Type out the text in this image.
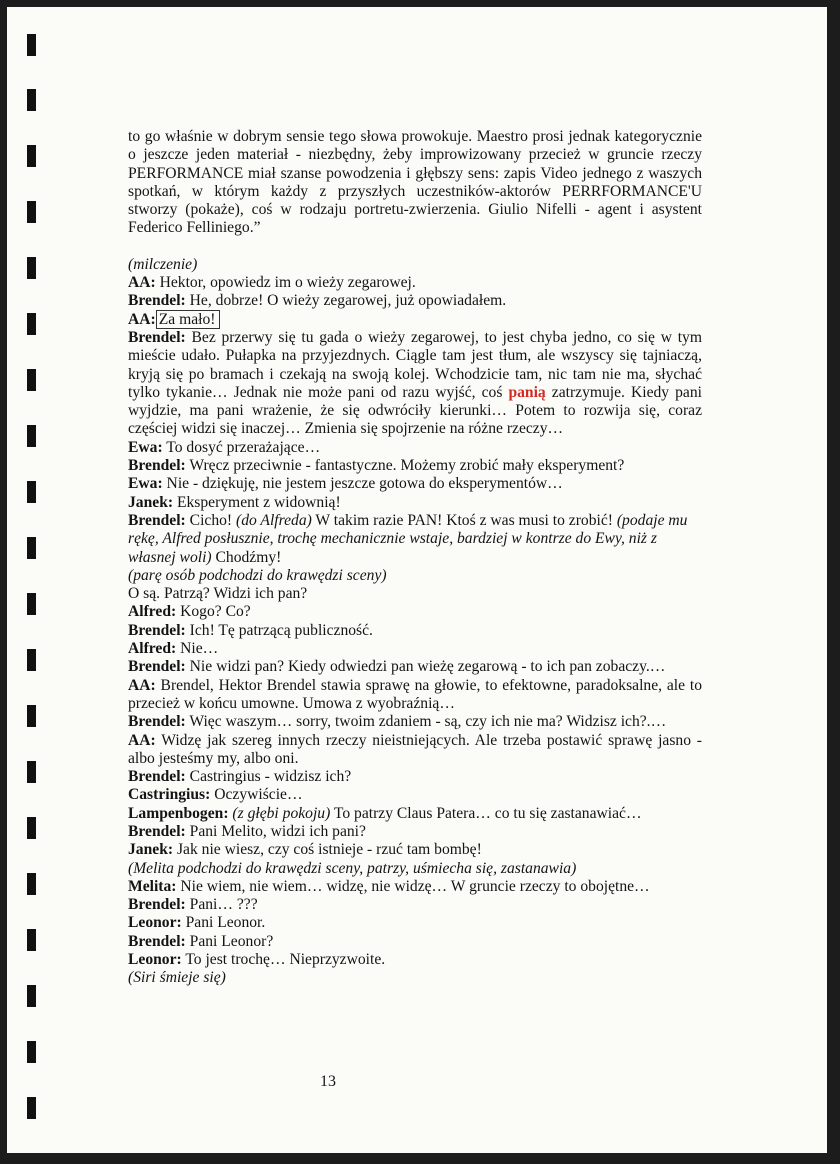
to go właśnie w dobrym sensie tego słowa prowokuje. Maestro prosi jednak kategorycznie o jeszcze jeden materiał - niezbędny, żeby improwizowany przecież w gruncie rzeczy PERFORMANCE miał szanse powodzenia i głębszy sens: zapis Video jednego z waszych spotkań, w którym każdy z przyszłych uczestników-aktorów PERRFORMANCE'U stworzy (pokaże), coś w rodzaju portretu-zwierzenia. Giulio Nifelli - agent i asystent Federico Felliniego.”
(milczenie)
AA: Hektor, opowiedz im o wieży zegarowej.
Brendel: He, dobrze! O wieży zegarowej, już opowiadałem.
AA: Za mało!
Brendel: Bez przerwy się tu gada o wieży zegarowej, to jest chyba jedno, co się w tym mieście udało. Pułapka na przyjezdnych. Ciągle tam jest tłum, ale wszyscy się tajniaczą, kryją się po bramach i czekają na swoją kolej. Wchodzicie tam, nic tam nie ma, słychać tylko tykanie… Jednak nie może pani od razu wyjść, coś panią zatrzymuje. Kiedy pani wyjdzie, ma pani wrażenie, że się odwróciły kierunki… Potem to rozwija się, coraz częściej widzi się inaczej… Zmienia się spojrzenie na różne rzeczy…
Ewa: To dosyć przerażające…
Brendel: Wręcz przeciwnie - fantastyczne. Możemy zrobić mały eksperyment?
Ewa: Nie - dziękuję, nie jestem jeszcze gotowa do eksperymentów…
Janek: Eksperyment z widownią!
Brendel: Cicho! (do Alfreda) W takim razie PAN! Ktoś z was musi to zrobić! (podaje mu rękę, Alfred posłusznie, trochę mechanicznie wstaje, bardziej w kontrze do Ewy, niż z własnej woli) Chodźmy!
(parę osób podchodzi do krawędzi sceny)
O są. Patrzą? Widzi ich pan?
Alfred: Kogo? Co?
Brendel: Ich! Tę patrzącą publiczność.
Alfred: Nie…
Brendel: Nie widzi pan? Kiedy odwiedzi pan wieżę zegarową - to ich pan zobaczy.…
AA: Brendel, Hektor Brendel stawia sprawę na głowie, to efektowne, paradoksalne, ale to przecież w końcu umowne. Umowa z wyobraźnią…
Brendel: Więc waszym… sorry, twoim zdaniem - są, czy ich nie ma? Widzisz ich?.…
AA: Widzę jak szereg innych rzeczy nieistniejących. Ale trzeba postawić sprawę jasno - albo jesteśmy my, albo oni.
Brendel: Castringius - widzisz ich?
Castringius: Oczywiście…
Lampenbogen: (z głębi pokoju) To patrzy Claus Patera… co tu się zastanawiać…
Brendel: Pani Melito, widzi ich pani?
Janek: Jak nie wiesz, czy coś istnieje - rzuć tam bombę!
(Melita podchodzi do krawędzi sceny, patrzy, uśmiecha się, zastanawia)
Melita: Nie wiem, nie wiem… widzę, nie widzę… W gruncie rzeczy to obojętne…
Brendel: Pani… ???
Leonor: Pani Leonor.
Brendel: Pani Leonor?
Leonor: To jest trochę… Nieprzyzwoite.
(Siri śmieje się)
13
